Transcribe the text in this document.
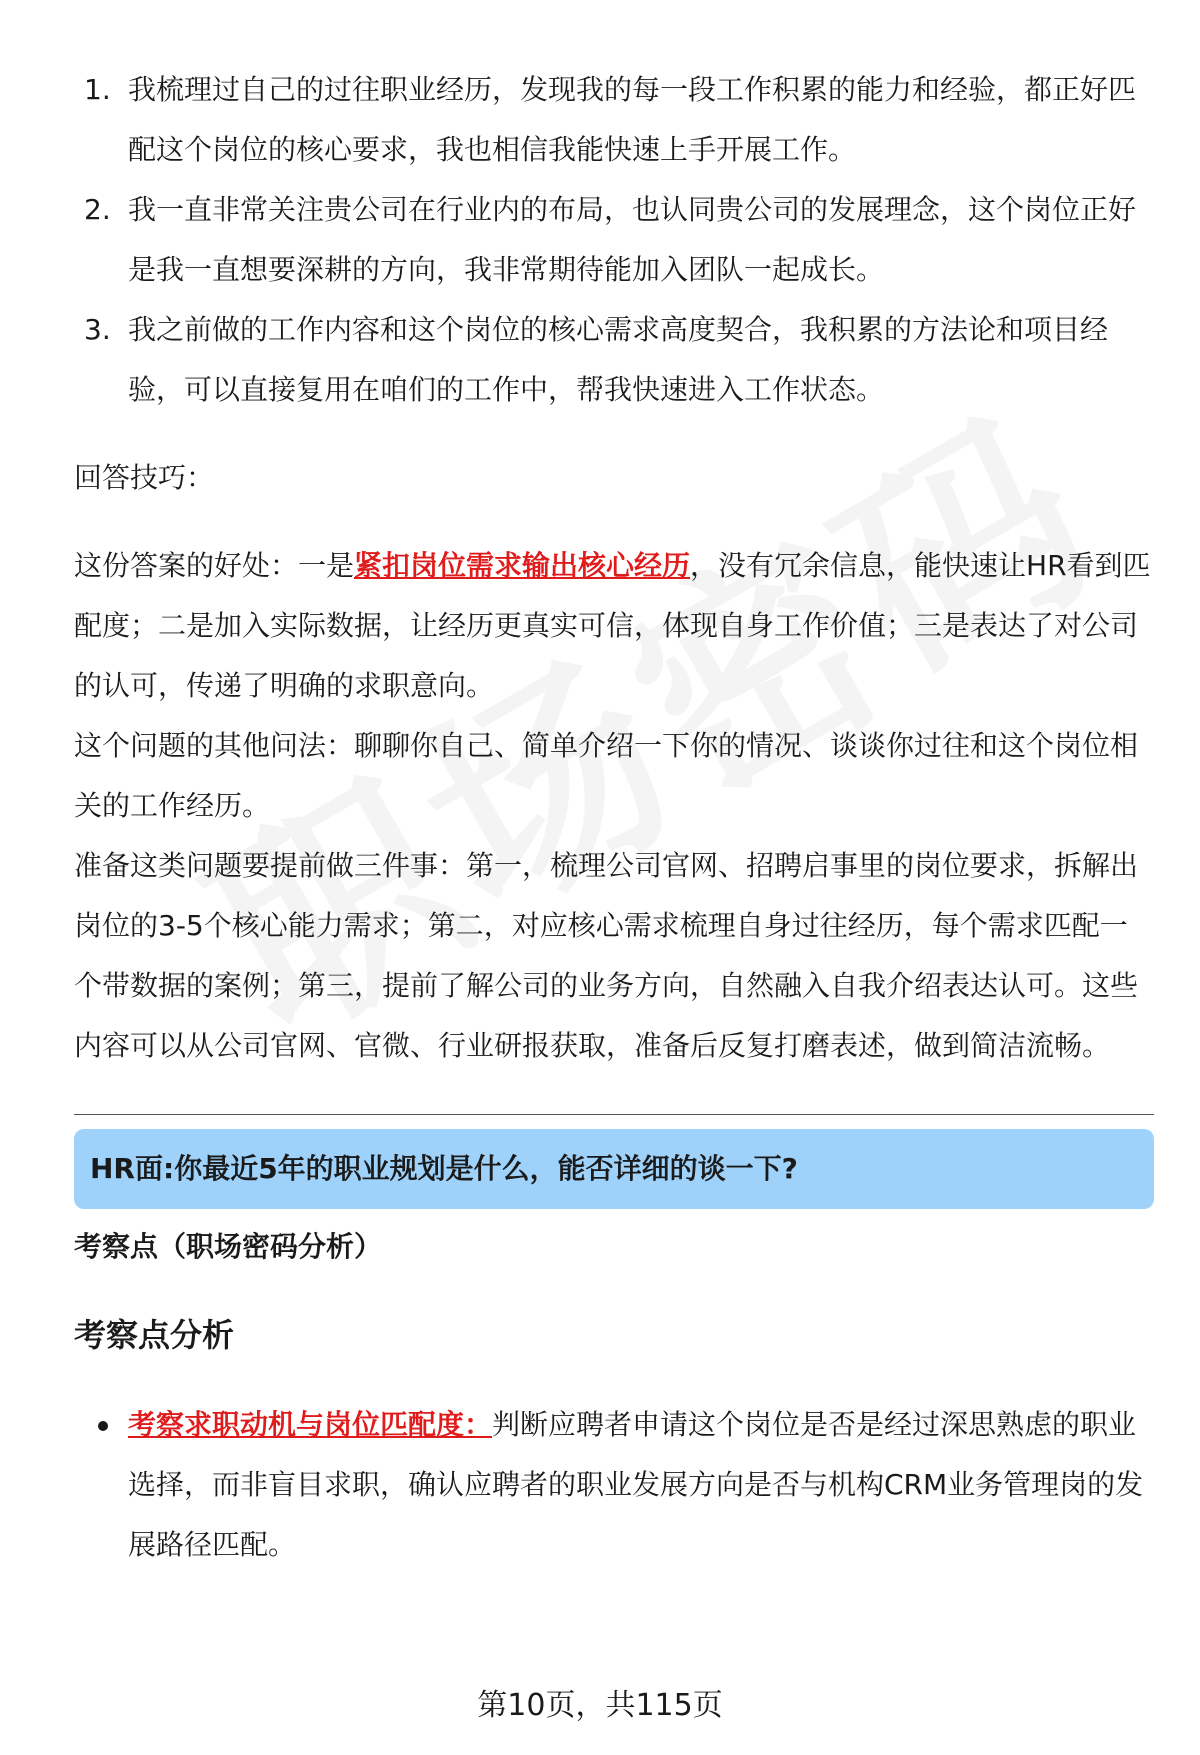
1. 我梳理过自己的过往职业经历，发现我的每一段工作积累的能力和经验，都正好匹配这个岗位的核心要求，我也相信我能快速上手开展工作。
2. 我一直非常关注贵公司在行业内的布局，也认同贵公司的发展理念，这个岗位正好是我一直想要深耕的方向，我非常期待能加入团队一起成长。
3. 我之前做的工作内容和这个岗位的核心需求高度契合，我积累的方法论和项目经验，可以直接复用在咱们的工作中，帮我快速进入工作状态。
回答技巧：
这份答案的好处：一是紧扣岗位需求输出核心经历，没有冗余信息，能快速让HR看到匹配度；二是加入实际数据，让经历更真实可信，体现自身工作价值；三是表达了对公司的认可，传递了明确的求职意向。
这个问题的其他问法：聊聊你自己、简单介绍一下你的情况、谈谈你过往和这个岗位相关的工作经历。
准备这类问题要提前做三件事：第一，梳理公司官网、招聘启事里的岗位要求，拆解出岗位的3-5个核心能力需求；第二，对应核心需求梳理自身过往经历，每个需求匹配一个带数据的案例；第三，提前了解公司的业务方向，自然融入自我介绍表达认可。这些内容可以从公司官网、官微、行业研报获取，准备后反复打磨表述，做到简洁流畅。
HR面:你最近5年的职业规划是什么，能否详细的谈一下?
考察点（职场密码分析）
考察点分析
考察求职动机与岗位匹配度：判断应聘者申请这个岗位是否是经过深思熟虑的职业选择，而非盲目求职，确认应聘者的职业发展方向是否与机构CRM业务管理岗的发展路径匹配。
第10页，共115页
